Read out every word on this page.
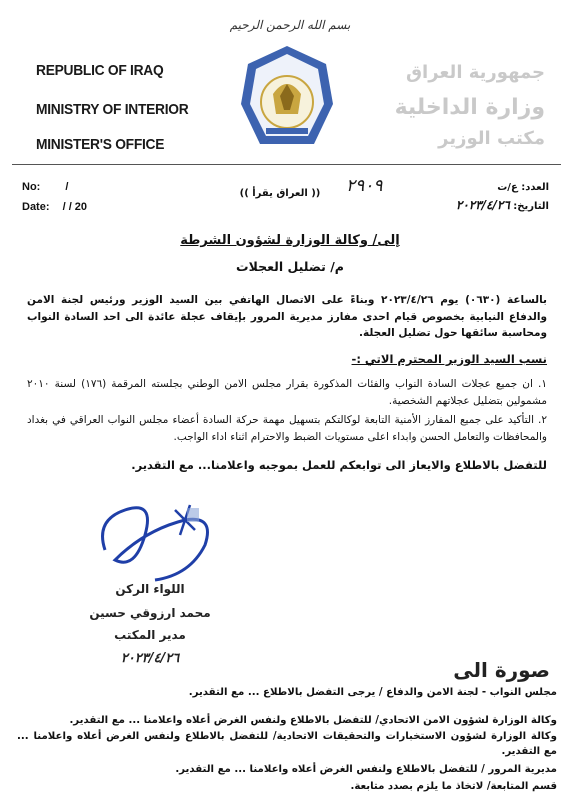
بسم الله الرحمن الرحيم
REPUBLIC OF IRAQ
MINISTRY OF INTERIOR
MINISTER'S OFFICE
جمهورية العراق
وزارة الداخلية
مكتب الوزير
No: /
Date: / / 20
(( العراق يقرأ ))	٢٩٠٩	العدد: ع/ت
التاريخ: ٢٠٢٣/٤/٢٦
إلى/ وكالة الوزارة لشؤون الشرطة
م/ تضليل العجلات
بالساعة (٠٦٣٠) يوم ٢٠٢٣/٤/٢٦ وبناءً على الاتصال الهاتفي بين السيد الوزير ورئيس لجنة الامن والدفاع النيابية بخصوص قيام احدى مفارز مديرية المرور بإيقاف عجلة عائدة الى احد السادة النواب ومحاسبة سائقها حول تضليل العجلة.
نسب السيد الوزير المحترم الاتي :-
١. ان جميع عجلات السادة النواب والفئات المذكورة بقرار مجلس الامن الوطني بجلسته المرقمة (١٧٦) لسنة ٢٠١٠ مشمولين بتضليل عجلاتهم الشخصية.
٢. التأكيد على جميع المفارز الأمنية التابعة لوكالتكم بتسهيل مهمة حركة السادة أعضاء مجلس النواب العراقي في بغداد والمحافظات والتعامل الحسن وابداء اعلى مستويات الضبط والاحترام اثناء اداء الواجب.
للتفضل بالاطلاع والايعاز الى توابعكم للعمل بموجبه واعلامنا... مع التقدير.
اللواء الركن
محمد ارزوقي حسين
مدير المكتب
٢٠٢٣/٤/٢٦	صورة الى
مجلس النواب - لجنة الامن والدفاع / يرجى التفضل بالاطلاع ... مع التقدير.
وكالة الوزارة لشؤون الامن الاتحادي/ للتفضل بالاطلاع ولنفس الغرض أعلاه واعلامنا ... مع التقدير.
وكالة الوزارة لشؤون الاستخبارات والتحقيقات الاتحادية/ للتفضل بالاطلاع ولنفس الغرض أعلاه واعلامنا ... مع التقدير.
مديرية المرور / للتفضل بالاطلاع ولنفس الغرض أعلاه واعلامنا ... مع التقدير.
قسم المتابعة/ لاتخاذ ما يلزم بصدد متابعة.
